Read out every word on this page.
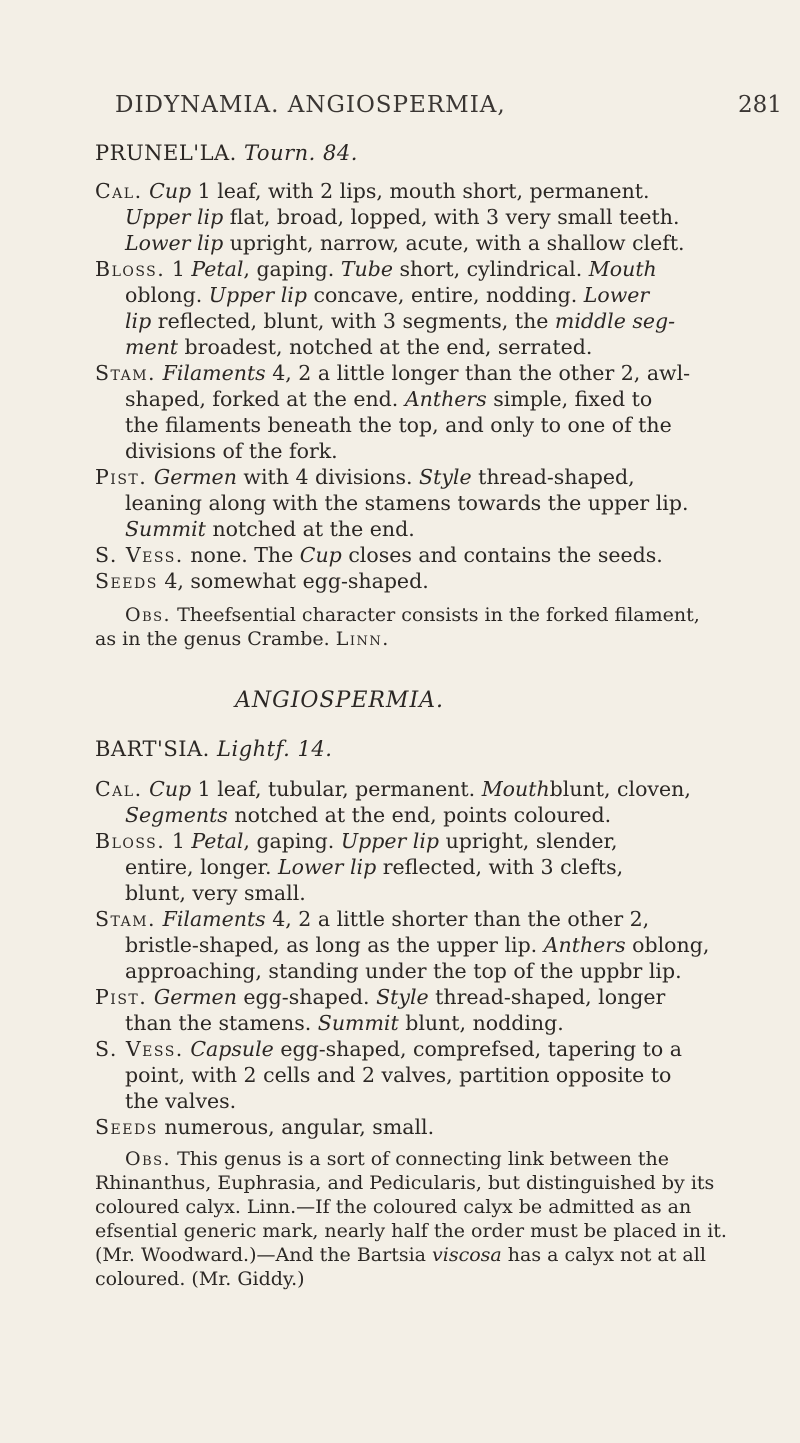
DIDYNAMIA. ANGIOSPERMIA,	281
PRUNEL'LA. Tourn. 84.
Cal. Cup 1 leaf, with 2 lips, mouth short, permanent.
Upper lip flat, broad, lopped, with 3 very small teeth.
Lower lip upright, narrow, acute, with a shallow cleft.
Bloss. 1 Petal, gaping. Tube short, cylindrical. Mouth
oblong. Upper lip concave, entire, nodding. Lower
lip reflected, blunt, with 3 segments, the middle seg-
ment broadest, notched at the end, serrated.
Stam. Filaments 4, 2 a little longer than the other 2, awl-
shaped, forked at the end. Anthers simple, fixed to
the filaments beneath the top, and only to one of the
divisions of the fork.
Pist. Germen with 4 divisions. Style thread-shaped,
leaning along with the stamens towards the upper lip.
Summit notched at the end.
S. Vess. none. The Cup closes and contains the seeds.
Seeds 4, somewhat egg-shaped.
Obs. Theefsential character consists in the forked filament,
as in the genus Crambe. Linn.
ANGIOSPERMIA.
BART'SIA. Lightf. 14.
Cal. Cup 1 leaf, tubular, permanent. Mouthblunt, cloven,
Segments notched at the end, points coloured.
Bloss. 1 Petal, gaping. Upper lip upright, slender,
entire, longer. Lower lip reflected, with 3 clefts,
blunt, very small.
Stam. Filaments 4, 2 a little shorter than the other 2,
bristle-shaped, as long as the upper lip. Anthers oblong,
approaching, standing under the top of the uppbr lip.
Pist. Germen egg-shaped. Style thread-shaped, longer
than the stamens. Summit blunt, nodding.
S. Vess. Capsule egg-shaped, comprefsed, tapering to a
point, with 2 cells and 2 valves, partition opposite to
the valves.
Seeds numerous, angular, small.
Obs. This genus is a sort of connecting link between the
Rhinanthus, Euphrasia, and Pedicularis, but distinguished by its
coloured calyx. Linn.—If the coloured calyx be admitted as an
efsential generic mark, nearly half the order must be placed in it.
(Mr. Woodward.)—And the Bartsia viscosa has a calyx not at all
coloured. (Mr. Giddy.)
